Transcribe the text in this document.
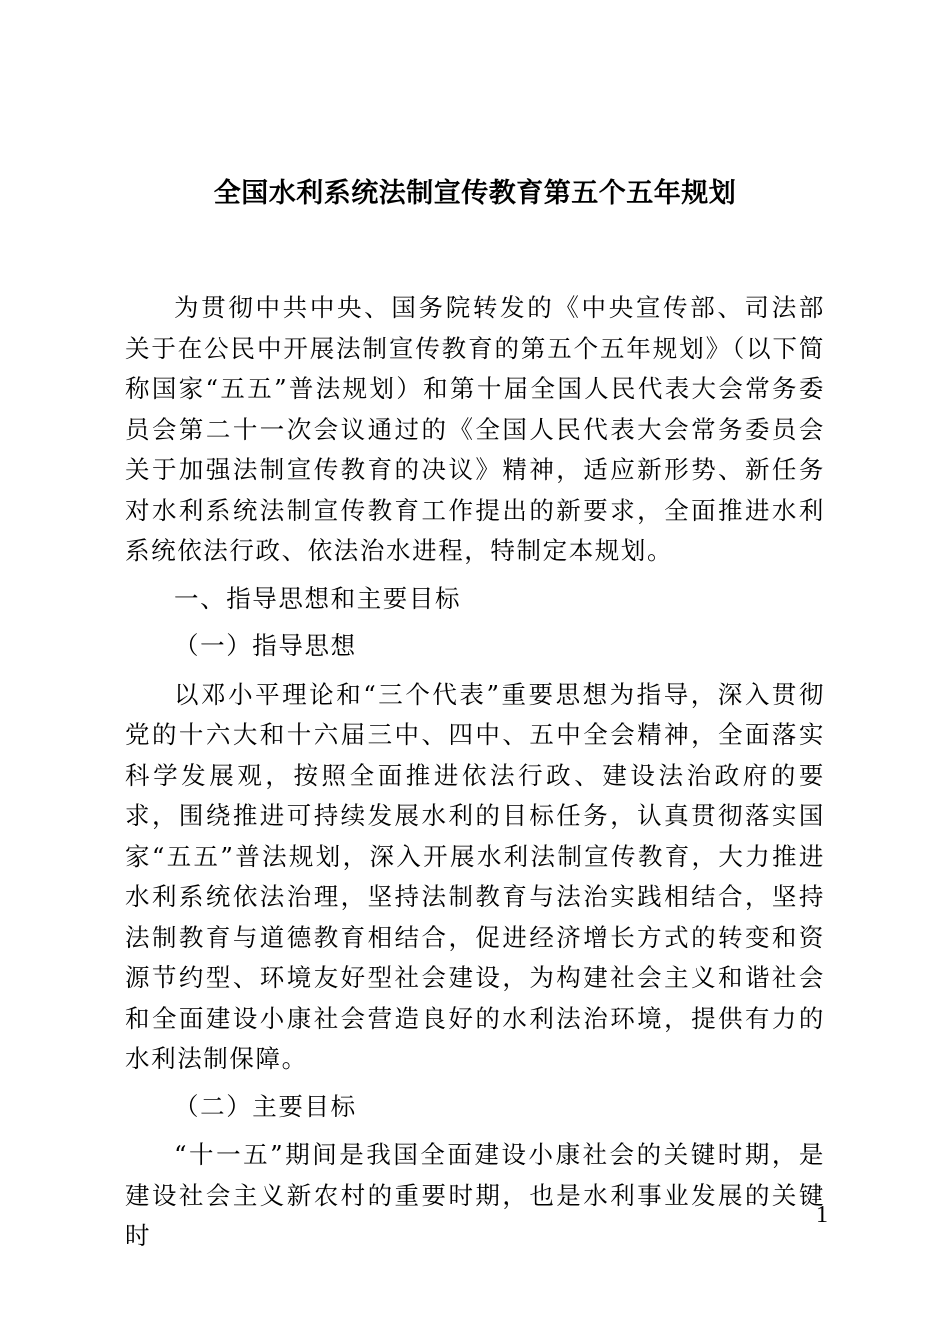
全国水利系统法制宣传教育第五个五年规划

为贯彻中共中央、国务院转发的《中央宣传部、司法部关于在公民中开展法制宣传教育的第五个五年规划》（以下简称国家“五五”普法规划）和第十届全国人民代表大会常务委员会第二十一次会议通过的《全国人民代表大会常务委员会关于加强法制宣传教育的决议》精神，适应新形势、新任务对水利系统法制宣传教育工作提出的新要求，全面推进水利系统依法行政、依法治水进程，特制定本规划。

一、指导思想和主要目标

（一）指导思想

以邓小平理论和“三个代表”重要思想为指导，深入贯彻党的十六大和十六届三中、四中、五中全会精神，全面落实科学发展观，按照全面推进依法行政、建设法治政府的要求，围绕推进可持续发展水利的目标任务，认真贯彻落实国家“五五”普法规划，深入开展水利法制宣传教育，大力推进水利系统依法治理，坚持法制教育与法治实践相结合，坚持法制教育与道德教育相结合，促进经济增长方式的转变和资源节约型、环境友好型社会建设，为构建社会主义和谐社会和全面建设小康社会营造良好的水利法治环境，提供有力的水利法制保障。

（二）主要目标

“十一五”期间是我国全面建设小康社会的关键时期，是建设社会主义新农村的重要时期，也是水利事业发展的关键时

1
